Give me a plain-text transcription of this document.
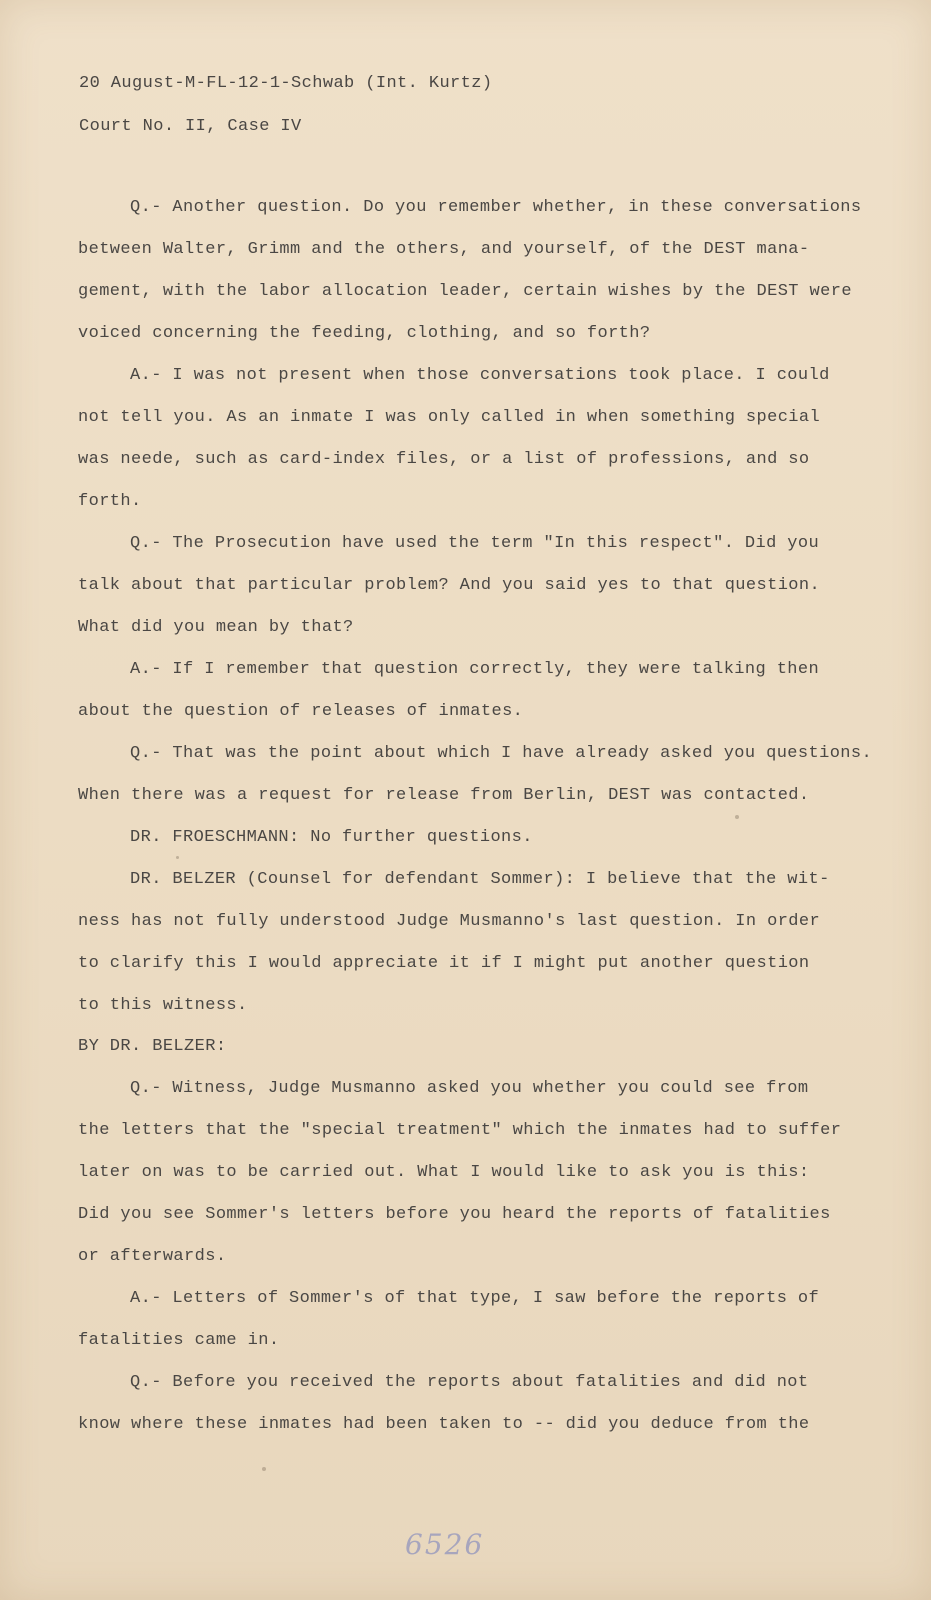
20 August-M-FL-12-1-Schwab (Int. Kurtz)
Court No. II, Case IV
Q.- Another question. Do you remember whether, in these conversations
between Walter, Grimm and the others, and yourself, of the DEST mana-
gement, with the labor allocation leader, certain wishes by the DEST were
voiced concerning the feeding, clothing, and so forth?
A.- I was not present when those conversations took place. I could
not tell you. As an inmate I was only called in when something special
was neede, such as card-index files, or a list of professions, and so
forth.
Q.- The Prosecution have used the term "In this respect". Did you
talk about that particular problem? And you said yes to that question.
What did you mean by that?
A.- If I remember that question correctly, they were talking then
about the question of releases of inmates.
Q.- That was the point about which I have already asked you questions.
When there was a request for release from Berlin, DEST was contacted.
DR. FROESCHMANN: No further questions.
DR. BELZER (Counsel for defendant Sommer): I believe that the wit-
ness has not fully understood Judge Musmanno's last question. In order
to clarify this I would appreciate it if I might put another question
to this witness.
BY DR. BELZER:
Q.- Witness, Judge Musmanno asked you whether you could see from
the letters that the "special treatment" which the inmates had to suffer
later on was to be carried out. What I would like to ask you is this:
Did you see Sommer's letters before you heard the reports of fatalities
or afterwards.
A.- Letters of Sommer's of that type, I saw before the reports of
fatalities came in.
Q.- Before you received the reports about fatalities and did not
know where these inmates had been taken to -- did you deduce from the
6526
